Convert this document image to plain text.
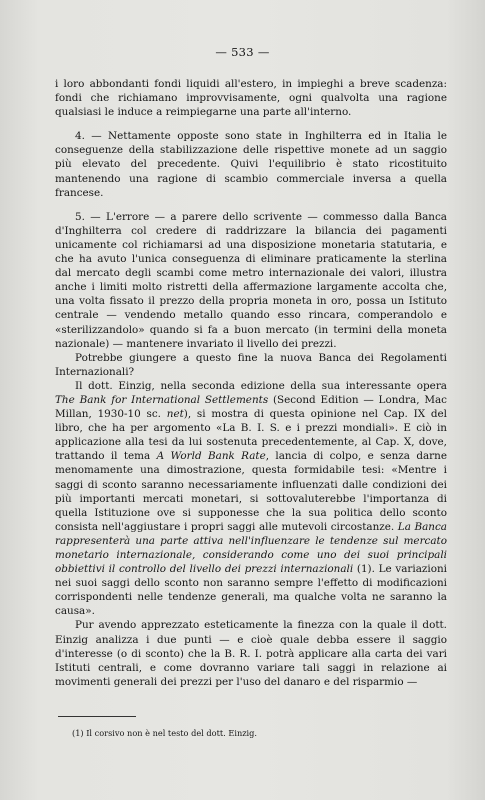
— 533 —

i loro abbondanti fondi liquidi all'estero, in impieghi a breve scadenza: fondi che richiamano improvvisamente, ogni qualvolta una ragione qualsiasi le induce a reimpiegarne una parte all'interno.

4. — Nettamente opposte sono state in Inghilterra ed in Italia le conseguenze della stabilizzazione delle rispettive monete ad un saggio più elevato del precedente. Quivi l'equilibrio è stato ricostituito mantenendo una ragione di scambio commerciale inversa a quella francese.

5. — L'errore — a parere dello scrivente — commesso dalla Banca d'Inghilterra col credere di raddrizzare la bilancia dei pagamenti unicamente col richiamarsi ad una disposizione monetaria statutaria, e che ha avuto l'unica conseguenza di eliminare praticamente la sterlina dal mercato degli scambi come metro internazionale dei valori, illustra anche i limiti molto ristretti della affermazione largamente accolta che, una volta fissato il prezzo della propria moneta in oro, possa un Istituto centrale — vendendo metallo quando esso rincara, comperandolo e «sterilizzandolo» quando si fa a buon mercato (in termini della moneta nazionale) — mantenere invariato il livello dei prezzi.

Potrebbe giungere a questo fine la nuova Banca dei Regolamenti Internazionali?

Il dott. Einzig, nella seconda edizione della sua interessante opera The Bank for International Settlements (Second Edition — Londra, Mac Millan, 1930-10 sc. net), si mostra di questa opinione nel Cap. IX del libro, che ha per argomento «La B. I. S. e i prezzi mondiali». E ciò in applicazione alla tesi da lui sostenuta precedentemente, al Cap. X, dove, trattando il tema A World Bank Rate, lancia di colpo, e senza darne menomamente una dimostrazione, questa formidabile tesi: «Mentre i saggi di sconto saranno necessariamente influenzati dalle condizioni dei più importanti mercati monetari, si sottovaluterebbe l'importanza di quella Istituzione ove si supponesse che la sua politica dello sconto consista nell'aggiustare i propri saggi alle mutevoli circostanze. La Banca rappresenterà una parte attiva nell'influenzare le tendenze sul mercato monetario internazionale, considerando come uno dei suoi principali obbiettivi il controllo del livello dei prezzi internazionali (1). Le variazioni nei suoi saggi dello sconto non saranno sempre l'effetto di modificazioni corrispondenti nelle tendenze generali, ma qualche volta ne saranno la causa».

Pur avendo apprezzato esteticamente la finezza con la quale il dott. Einzig analizza i due punti — e cioè quale debba essere il saggio d'interesse (o di sconto) che la B. R. I. potrà applicare alla carta dei vari Istituti centrali, e come dovranno variare tali saggi in relazione ai movimenti generali dei prezzi per l'uso del danaro e del risparmio —

(1) Il corsivo non è nel testo del dott. Einzig.
